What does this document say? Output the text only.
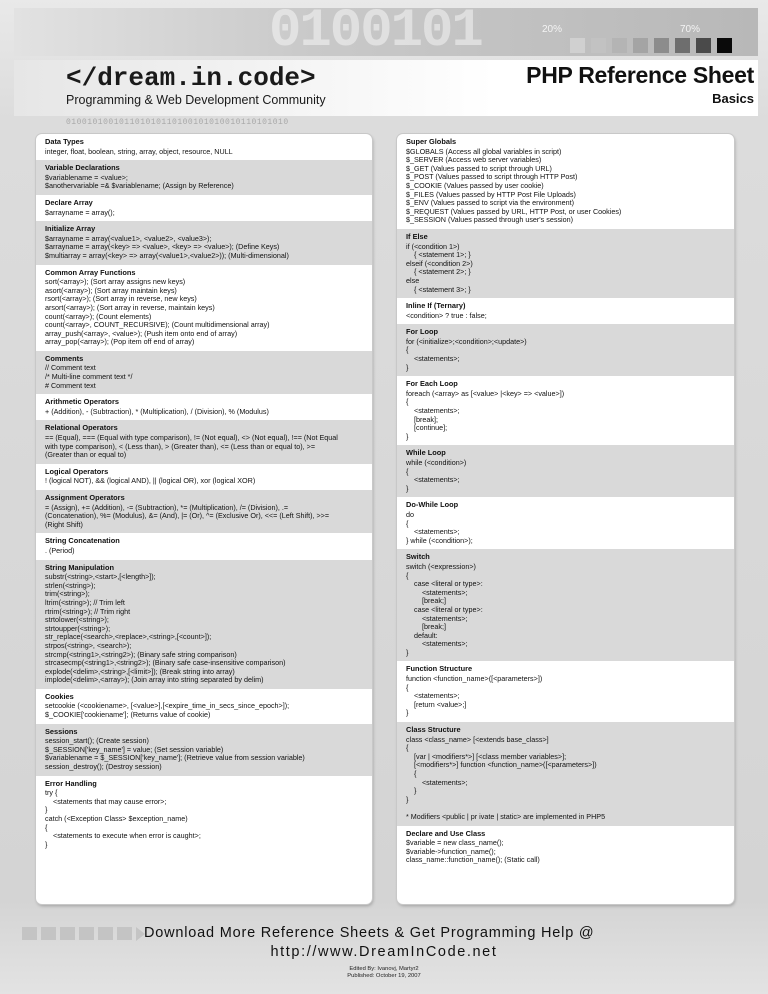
0100101	20%	70%
</dream.in.code>
Programming & Web Development Community
010010100101101010110100101010010110101010
PHP Reference Sheet
Basics
Data Types
integer, float, boolean, string, array, object, resource, NULL
Variable Declarations
$variablename = <value>;
$anothervariable =& $variablename; (Assign by Reference)
Declare Array
$arrayname = array();
Initialize Array
$arrayname = array(<value1>, <value2>, <value3>);
$arrayname = array(<key> => <value>, <key> => <value>); (Define Keys)
$multiarray = array(<key> => array(<value1>,<value2>)); (Multi-dimensional)
Common Array Functions
sort(<array>); (Sort array assigns new keys)
asort(<array>); (Sort array maintain keys)
rsort(<array>); (Sort array in reverse, new keys)
arsort(<array>); (Sort array in reverse, maintain keys)
count(<array>); (Count elements)
count(<array>, COUNT_RECURSIVE); (Count multidimensional array)
array_push(<array>, <value>); (Push item onto end of array)
array_pop(<array>); (Pop item off end of array)
Comments
// Comment text
/* Multi-line comment text */
# Comment text
Arithmetic Operators
+ (Addition), - (Subtraction), * (Multiplication), / (Division), % (Modulus)
Relational Operators
== (Equal), === (Equal with type comparison), != (Not equal), <> (Not equal), !== (Not Equal
with type comparison), < (Less than), > (Greater than), <= (Less than or equal to), >=
(Greater than or equal to)
Logical Operators
! (logical NOT), && (logical AND), || (logical OR), xor (logical XOR)
Assignment Operators
= (Assign), += (Addition), -= (Subtraction), *= (Multiplication), /= (Division), .=
(Concatenation), %= (Modulus), &= (And), |= (Or), ^= (Exclusive Or), <<= (Left Shift), >>=
(Right Shift)
String Concatenation
. (Period)
String Manipulation
substr(<string>,<start>,[<length>]);
strlen(<string>);
trim(<string>);
ltrim(<string>); // Trim left
rtrim(<string>); // Trim right
strtolower(<string>);
strtoupper(<string>);
str_replace(<search>,<replace>,<string>,[<count>]);
strpos(<string>, <search>);
strcmp(<string1>,<string2>); (Binary safe string comparison)
strcasecmp(<string1>,<string2>); (Binary safe case-insensitive comparison)
explode(<delim>,<string>,[<limit>]); (Break string into array)
implode(<delim>,<array>); (Join array into string separated by delim)
Cookies
setcookie (<cookiename>, [<value>],[<expire_time_in_secs_since_epoch>]);
$_COOKIE['cookiename']; (Returns value of cookie)
Sessions
session_start(); (Create session)
$_SESSION['key_name'] = value; (Set session variable)
$variablename = $_SESSION['key_name']; (Retrieve value from session variable)
session_destroy(); (Destroy session)
Error Handling
try {
<statements that may cause error>;
}
catch (<Exception Class> $exception_name)
{
<statements to execute when error is caught>;
}
Super Globals
$GLOBALS (Access all global variables in script)
$_SERVER (Access web server variables)
$_GET (Values passed to script through URL)
$_POST (Values passed to script through HTTP Post)
$_COOKIE (Values passed by user cookie)
$_FILES (Values passed by HTTP Post File Uploads)
$_ENV (Values passed to script via the environment)
$_REQUEST (Values passed by URL, HTTP Post, or user Cookies)
$_SESSION (Values passed through user's session)
If Else
if (<condition 1>)
{ <statement 1>; }
elseif (<condition 2>)
{ <statement 2>; }
else
{ <statement 3>; }
Inline If (Ternary)
<condition> ? true : false;
For Loop
for (<initialize>;<condition>;<update>)
{
<statements>;
}
For Each Loop
foreach (<array> as [<value> |<key> => <value>])
{
<statements>;
[break];
[continue];
}
While Loop
while (<condition>)
{
<statements>;
}
Do-While Loop
do
{
<statements>;
} while (<condition>);
Switch
switch (<expression>)
{
case <literal or type>:
<statements>;
[break;]
case <literal or type>:
<statements>;
[break;]
default:
<statements>;
}
Function Structure
function <function_name>([<parameters>])
{
<statements>;
[return <value>;]
}
Class Structure
class <class_name> [<extends base_class>]
{
[var | <modifiers*>] [<class member variables>];
[<modifiers*>] function <function_name>([<parameters>])
{
<statements>;
}
}
* Modifiers <public | pr ivate | static> are implemented in PHP5
Declare and Use Class
$variable = new class_name();
$variable->function_name();
class_name::function_name(); (Static call)
Download More Reference Sheets & Get Programming Help @
http://www.DreamInCode.net
Edited By: Ivanovj, Martyr2
Published: October 19, 2007
